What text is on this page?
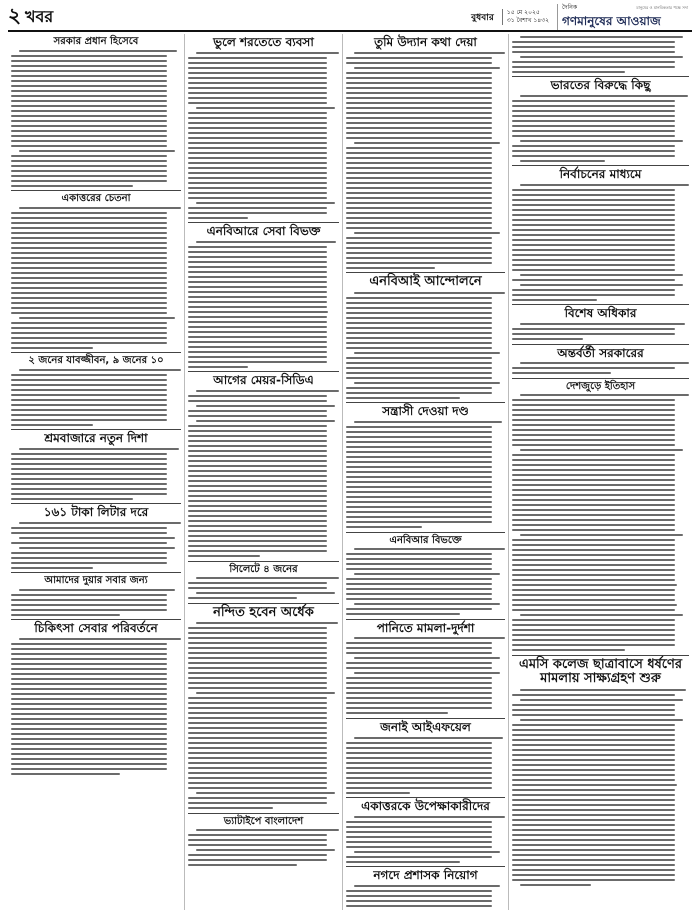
মানুষের ও মানবিকতার পক্ষে সদা
২ খবর	বুধবার ১৫ মে ২০২৫
৩১ বৈশাখ ১৪৩২
দৈনিক
গণমানুষের আওয়াজ
সরকার প্রধান হিসেবে
একাত্তরের চেতনা
২ জনের যাবজ্জীবন, ৯ জনের ১০
শ্রমবাজারে নতুন দিশা
১৬১ টাকা লিটার দরে
আমাদের দুয়ার সবার জন্য
চিকিৎসা সেবার পরিবর্তনে
ভুলে শরতেতে ব্যবসা
এনবিআরে সেবা বিভক্ত
আগের মেয়র-সিডিএ
সিলেটে ৪ জনের
নন্দিত হবেন অর্ধেক
ভ্যাটাইপে বাংলাদেশ
তুমি উদ্যান কথা দেয়া
এনবিআই আন্দোলনে
সন্ত্রাসী দেওয়া দণ্ড
এনবিআর বিভক্তে
পানিতে মামলা-দুর্দশা
জনাই আইএফয়েল
একাত্তরকে উপেক্ষাকারীদের
নগদে প্রশাসক নিয়োগ
ভারতের বিরুদ্ধে কিছু
নির্বাচনের মাধ্যমে
বিশেষ অধিকার
অন্তর্বর্তী সরকারের
দেশজুড়ে ইতিহাস
এমসি কলেজ ছাত্রাবাসে ধর্ষণের মামলায় সাক্ষ্যগ্রহণ শুরু
